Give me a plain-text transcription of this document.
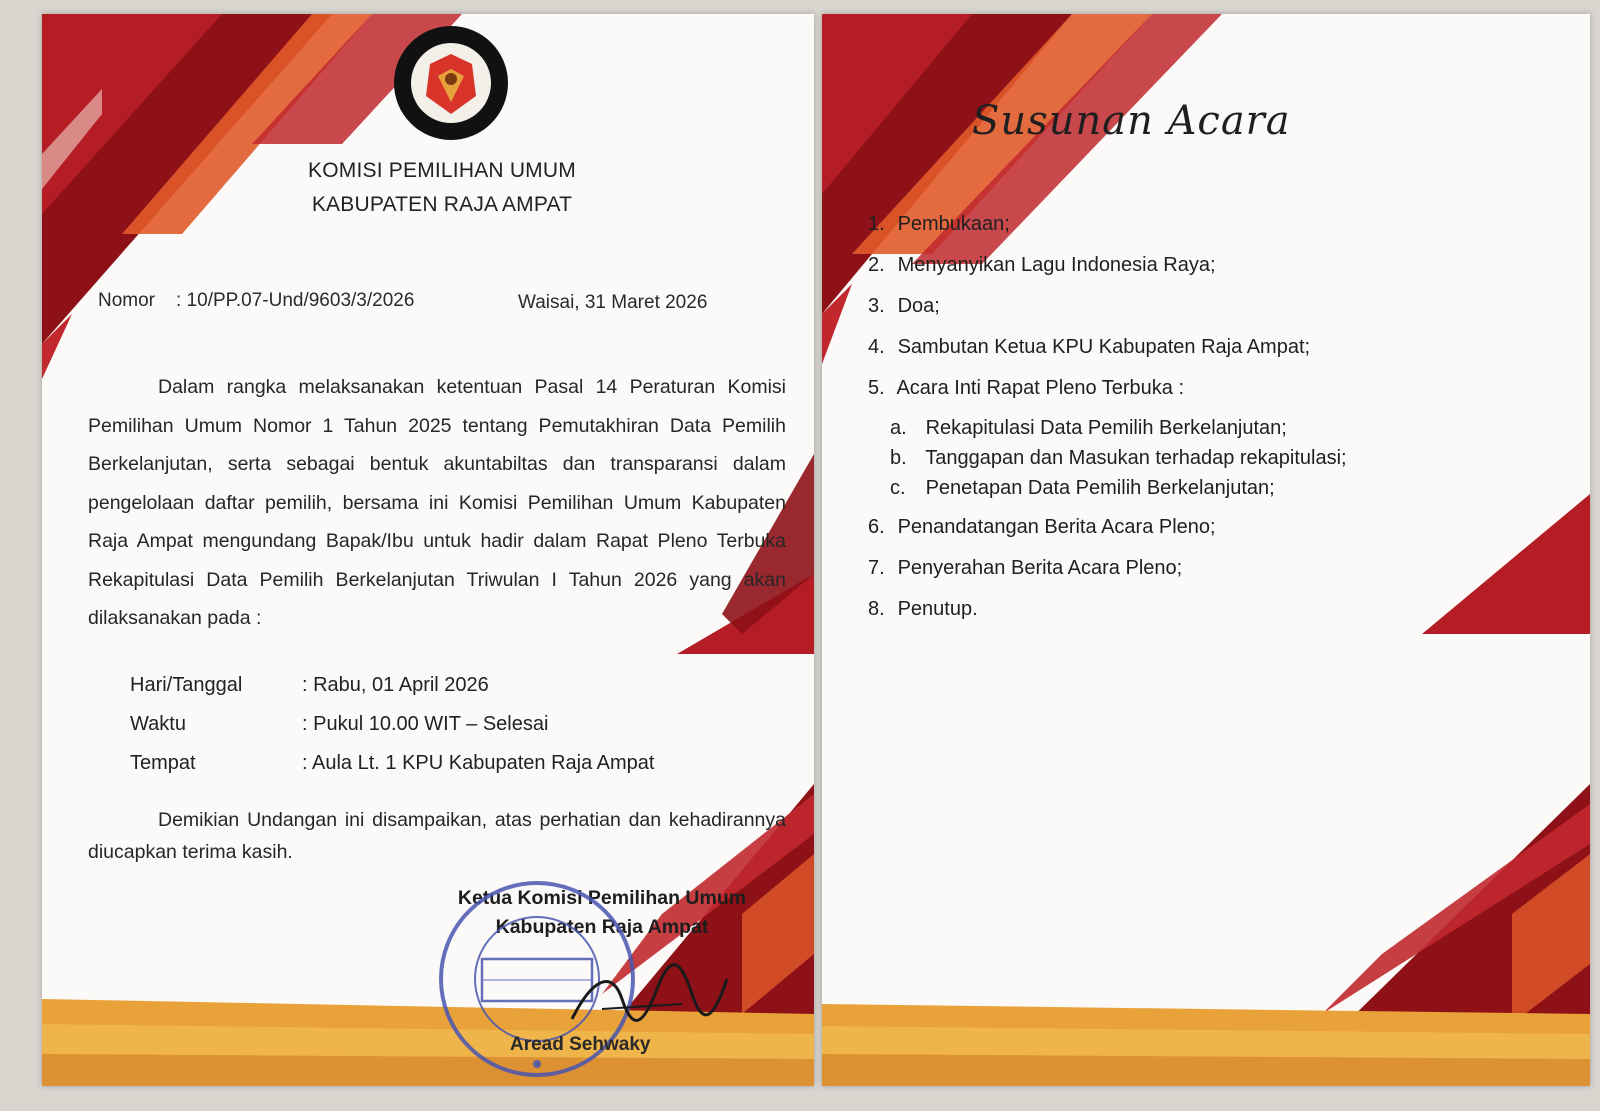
KOMISI PEMILIHAN UMUM
KABUPATEN RAJA AMPAT
Nomor : 10/PP.07-Und/9603/3/2026	Waisai, 31 Maret 2026
Dalam rangka melaksanakan ketentuan Pasal 14 Peraturan Komisi Pemilihan Umum Nomor 1 Tahun 2025 tentang Pemutakhiran Data Pemilih Berkelanjutan, serta sebagai bentuk akuntabiltas dan transparansi dalam pengelolaan daftar pemilih, bersama ini Komisi Pemilihan Umum Kabupaten Raja Ampat mengundang Bapak/Ibu untuk hadir dalam Rapat Pleno Terbuka Rekapitulasi Data Pemilih Berkelanjutan Triwulan I Tahun 2026 yang akan dilaksanakan pada :
Hari/Tanggal	: Rabu, 01 April 2026
Waktu	: Pukul 10.00 WIT – Selesai
Tempat	: Aula Lt. 1 KPU Kabupaten Raja Ampat
Demikian Undangan ini disampaikan, atas perhatian dan kehadirannya diucapkan terima kasih.
Ketua Komisi Pemilihan Umum
Kabupaten Raja Ampat
Aread Sehwaky
Susunan Acara
1. Pembukaan;
2. Menyanyikan Lagu Indonesia Raya;
3. Doa;
4. Sambutan Ketua KPU Kabupaten Raja Ampat;
5. Acara Inti Rapat Pleno Terbuka :
a. Rekapitulasi Data Pemilih Berkelanjutan;
b. Tanggapan dan Masukan terhadap rekapitulasi;
c. Penetapan Data Pemilih Berkelanjutan;
6. Penandatangan Berita Acara Pleno;
7. Penyerahan Berita Acara Pleno;
8. Penutup.
